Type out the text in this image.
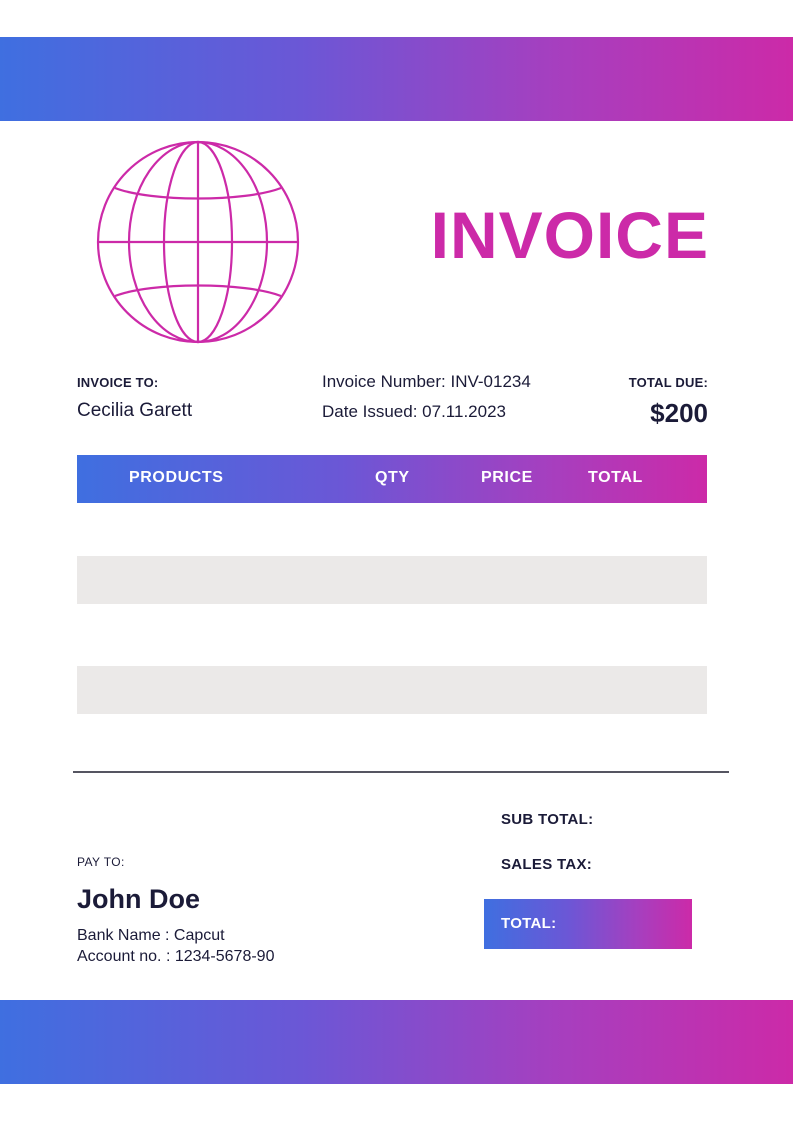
INVOICE
INVOICE TO:
Cecilia Garett
Invoice Number: INV-01234
Date Issued: 07.11.2023
TOTAL DUE:
$200
PRODUCTS	QTY	PRICE	TOTAL
SUB TOTAL:
SALES TAX:
TOTAL:
PAY TO:
John Doe
Bank Name : Capcut
Account no. : 1234-5678-90
